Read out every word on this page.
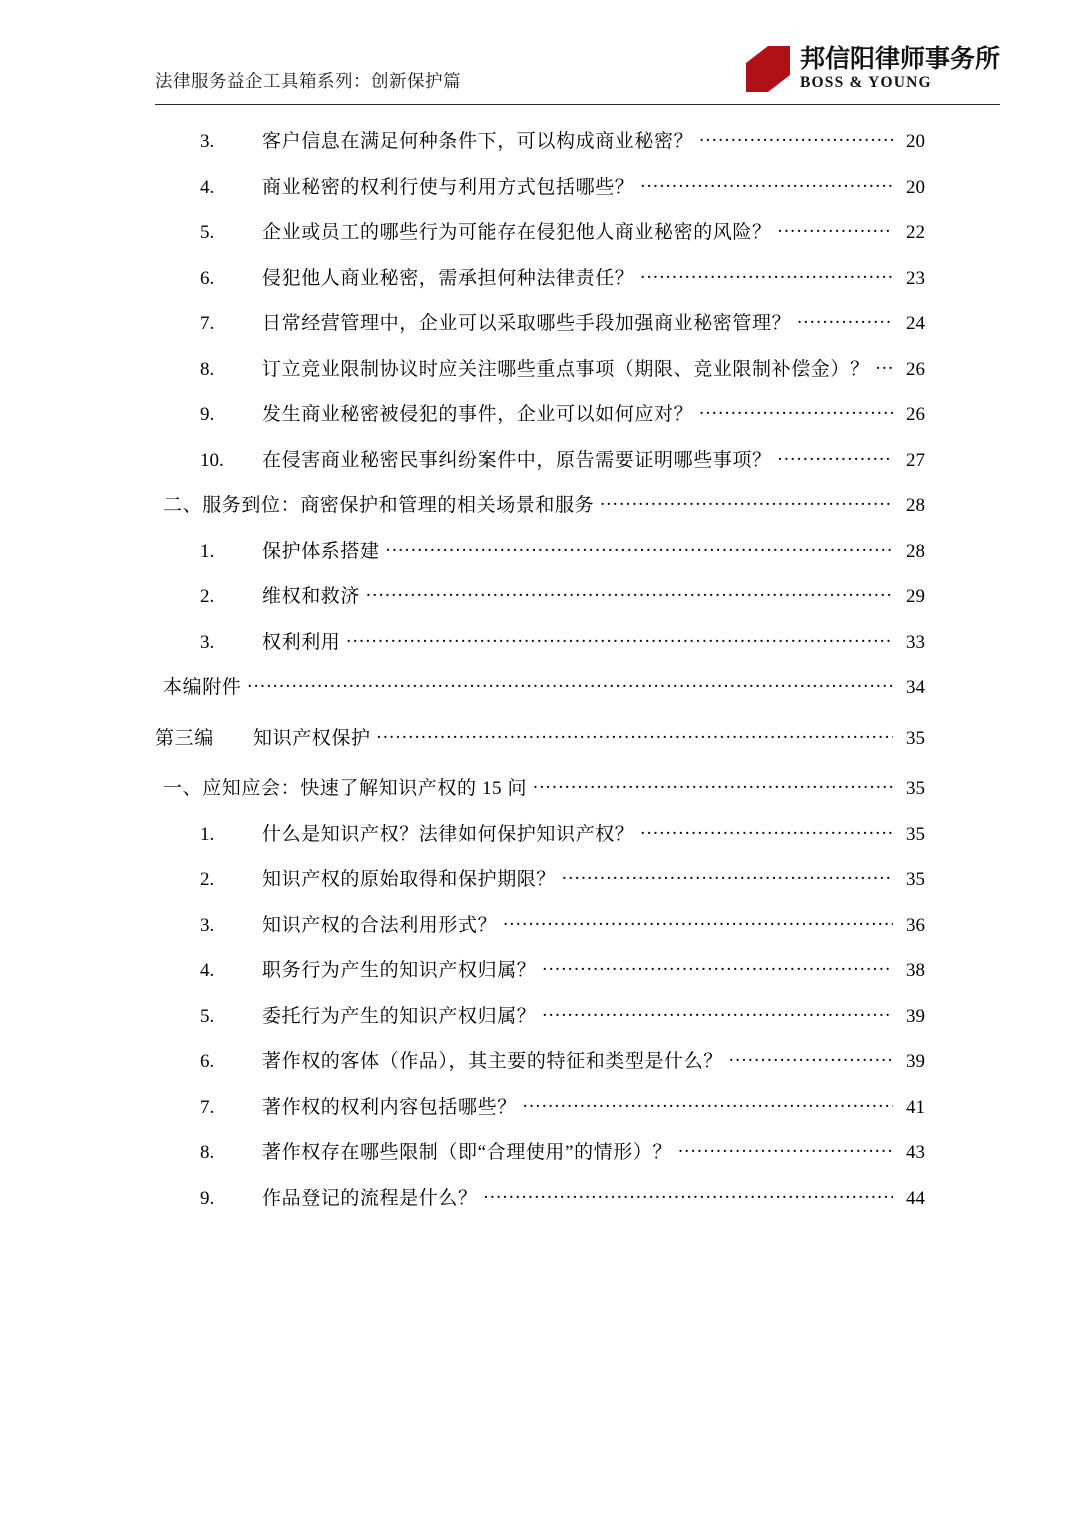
法律服务益企工具箱系列：创新保护篇
邦信阳律师事务所
BOSS & YOUNG
3.	客户信息在满足何种条件下，可以构成商业秘密？ .....	20
4.	商业秘密的权利行使与利用方式包括哪些？ .....	20
5.	企业或员工的哪些行为可能存在侵犯他人商业秘密的风险？ .....	22
6.	侵犯他人商业秘密，需承担何种法律责任？ .....	23
7.	日常经营管理中，企业可以采取哪些手段加强商业秘密管理？ .....	24
8.	订立竞业限制协议时应关注哪些重点事项（期限、竞业限制补偿金）？ .....	26
9.	发生商业秘密被侵犯的事件，企业可以如何应对？ .....	26
10.	在侵害商业秘密民事纠纷案件中，原告需要证明哪些事项？ .....	27
二、服务到位：商密保护和管理的相关场景和服务 .....	28
1.	保护体系搭建 .....	28
2.	维权和救济 .....	29
3.	权利利用 .....	33
本编附件 .....	34
第三编　　知识产权保护 .....	35
一、应知应会：快速了解知识产权的 15 问 .....	35
1.	什么是知识产权？法律如何保护知识产权？ .....	35
2.	知识产权的原始取得和保护期限？ .....	35
3.	知识产权的合法利用形式？ .....	36
4.	职务行为产生的知识产权归属？ .....	38
5.	委托行为产生的知识产权归属？ .....	39
6.	著作权的客体（作品），其主要的特征和类型是什么？ .....	39
7.	著作权的权利内容包括哪些？ .....	41
8.	著作权存在哪些限制（即“合理使用”的情形）？ .....	43
9.	作品登记的流程是什么？ .....	44
